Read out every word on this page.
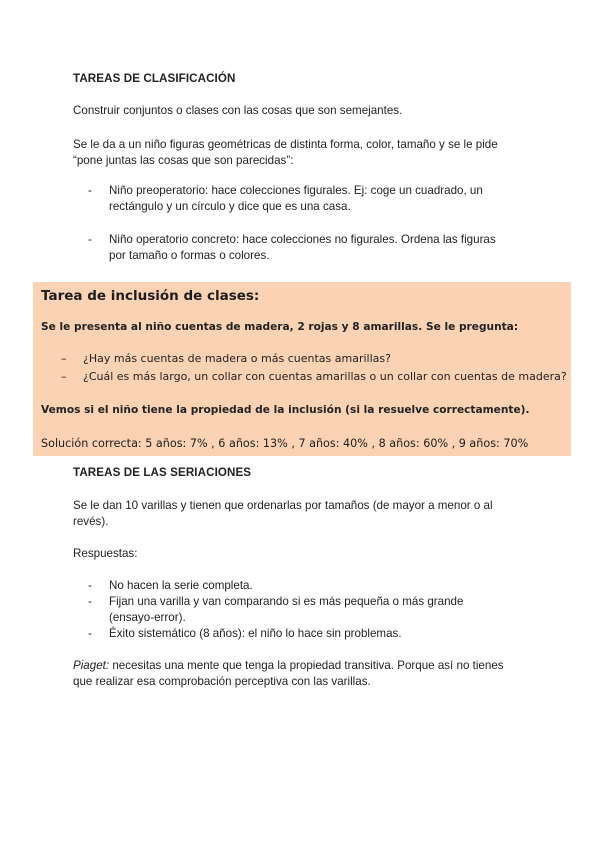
TAREAS DE CLASIFICACIÓN
Construir conjuntos o clases con las cosas que son semejantes.
Se le da a un niño figuras geométricas de distinta forma, color, tamaño y se le pide
“pone juntas las cosas que son parecidas”:
- Niño preoperatorio: hace colecciones figurales. Ej: coge un cuadrado, un
rectángulo y un círculo y dice que es una casa.
- Niño operatorio concreto: hace colecciones no figurales. Ordena las figuras
por tamaño o formas o colores.
Tarea de inclusión de clases:
Se le presenta al niño cuentas de madera, 2 rojas y 8 amarillas. Se le pregunta:
– ¿Hay más cuentas de madera o más cuentas amarillas?
– ¿Cuál es más largo, un collar con cuentas amarillas o un collar con cuentas de madera?
Vemos si el niño tiene la propiedad de la inclusión (si la resuelve correctamente).
Solución correcta: 5 años: 7% , 6 años: 13% , 7 años: 40% , 8 años: 60% , 9 años: 70%
TAREAS DE LAS SERIACIONES
Se le dan 10 varillas y tienen que ordenarlas por tamaños (de mayor a menor o al
revés).
Respuestas:
- No hacen la serie completa.
- Fijan una varilla y van comparando si es más pequeña o más grande
(ensayo-error).
- Éxito sistemático (8 años): el niño lo hace sin problemas.
Piaget: necesitas una mente que tenga la propiedad transitiva. Porque así no tienes
que realizar esa comprobación perceptiva con las varillas.
